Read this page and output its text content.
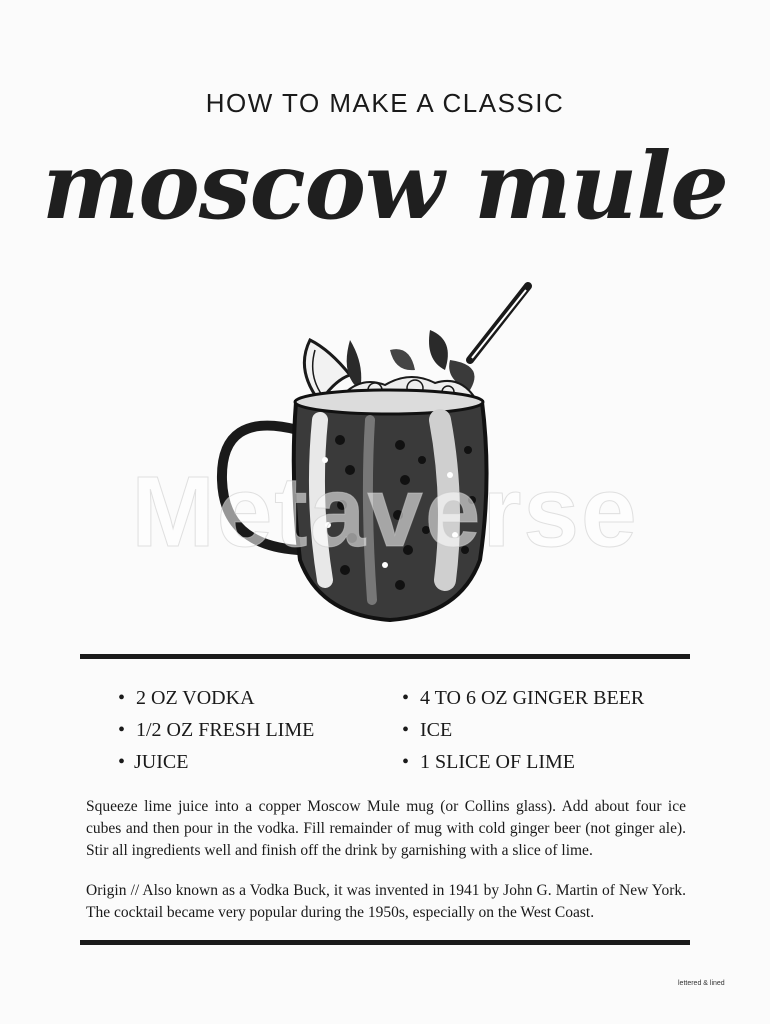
HOW TO MAKE A CLASSIC
moscow mule
Metaverse
• 2 OZ VODKA
• 1/2 OZ FRESH LIME
• JUICE
• 4 TO 6 OZ GINGER BEER
• ICE
• 1 SLICE OF LIME

Squeeze lime juice into a copper Moscow Mule mug (or Collins glass). Add about four ice cubes and then pour in the vodka. Fill remainder of mug with cold ginger beer (not ginger ale). Stir all ingredients well and finish off the drink by garnishing with a slice of lime.

Origin // Also known as a Vodka Buck, it was invented in 1941 by John G. Martin of New York. The cocktail became very popular during the 1950s, especially on the West Coast.

lettered & lined
